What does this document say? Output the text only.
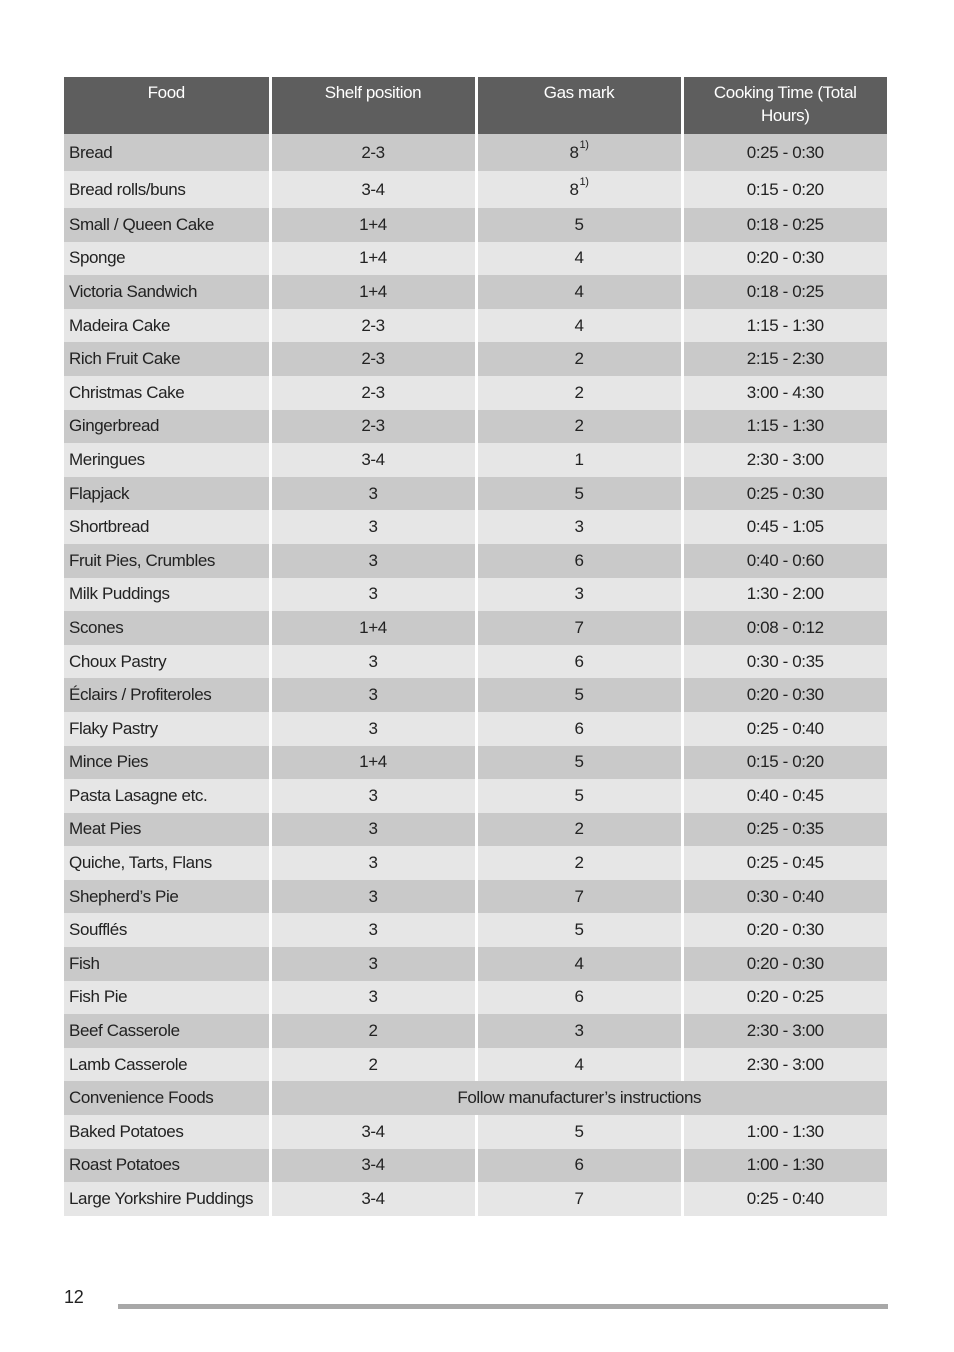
Food	Shelf position	Gas mark	Cooking Time (Total Hours)
Bread	2-3	8$^{1)}$	0:25 - 0:30
Bread rolls/buns	3-4	8$^{1)}$	0:15 - 0:20
Small / Queen Cake	1+4	5	0:18 - 0:25
Sponge	1+4	4	0:20 - 0:30
Victoria Sandwich	1+4	4	0:18 - 0:25
Madeira Cake	2-3	4	1:15 - 1:30
Rich Fruit Cake	2-3	2	2:15 - 2:30
Christmas Cake	2-3	2	3:00 - 4:30
Gingerbread	2-3	2	1:15 - 1:30
Meringues	3-4	1	2:30 - 3:00
Flapjack	3	5	0:25 - 0:30
Shortbread	3	3	0:45 - 1:05
Fruit Pies, Crumbles	3	6	0:40 - 0:60
Milk Puddings	3	3	1:30 - 2:00
Scones	1+4	7	0:08 - 0:12
Choux Pastry	3	6	0:30 - 0:35
Éclairs / Profiteroles	3	5	0:20 - 0:30
Flaky Pastry	3	6	0:25 - 0:40
Mince Pies	1+4	5	0:15 - 0:20
Pasta Lasagne etc.	3	5	0:40 - 0:45
Meat Pies	3	2	0:25 - 0:35
Quiche, Tarts, Flans	3	2	0:25 - 0:45
Shepherd’s Pie	3	7	0:30 - 0:40
Soufflés	3	5	0:20 - 0:30
Fish	3	4	0:20 - 0:30
Fish Pie	3	6	0:20 - 0:25
Beef Casserole	2	3	2:30 - 3:00
Lamb Casserole	2	4	2:30 - 3:00
Convenience Foods	Follow manufacturer’s instructions		
Baked Potatoes	3-4	5	1:00 - 1:30
Roast Potatoes	3-4	6	1:00 - 1:30
Large Yorkshire Puddings	3-4	7	0:25 - 0:40
12
